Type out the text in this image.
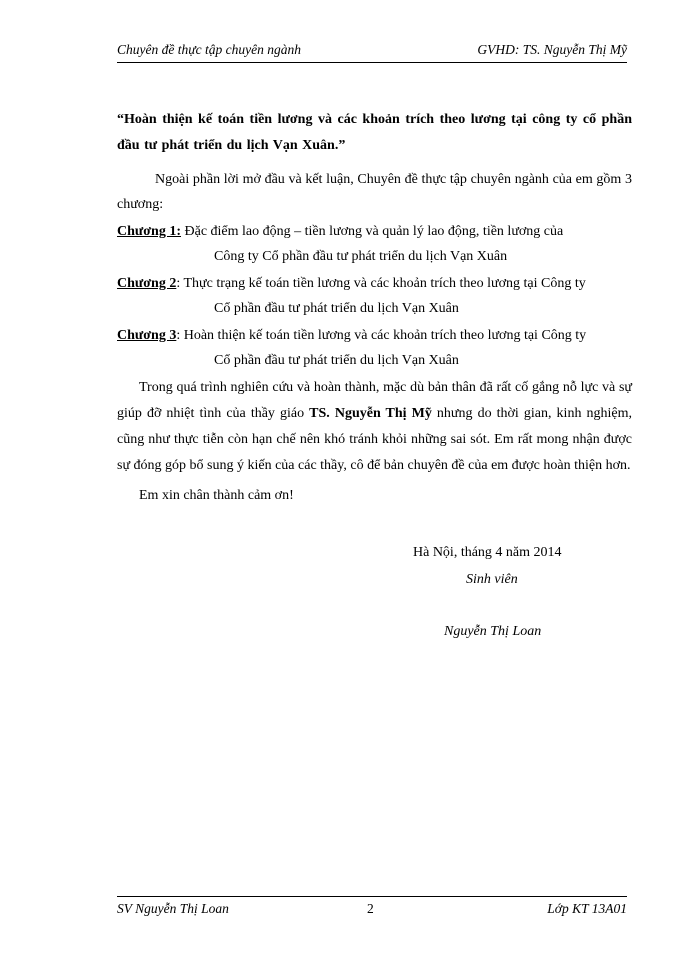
Chuyên đề thực tập chuyên ngành	GVHD: TS. Nguyễn Thị Mỹ

“Hoàn thiện kế toán tiền lương và các khoản trích theo lương tại công ty cổ phần đầu tư phát triển du lịch Vạn Xuân.”

Ngoài phần lời mở đầu và kết luận, Chuyên đề thực tập chuyên ngành của em gồm 3 chương:

Chương 1: Đặc điểm lao động – tiền lương và quản lý lao động, tiền lương của
Công ty Cổ phần đầu tư phát triển du lịch Vạn Xuân
Chương 2: Thực trạng kế toán tiền lương và các khoản trích theo lương tại Công ty
Cổ phần đầu tư phát triển du lịch Vạn Xuân
Chương 3: Hoàn thiện kế toán tiền lương và các khoản trích theo lương tại Công ty
Cổ phần đầu tư phát triển du lịch Vạn Xuân

Trong quá trình nghiên cứu và hoàn thành, mặc dù bản thân đã rất cố gắng nỗ lực và sự giúp đỡ nhiệt tình của thầy giáo TS. Nguyễn Thị Mỹ nhưng do thời gian, kinh nghiệm, cũng như thực tiễn còn hạn chế nên khó tránh khỏi những sai sót. Em rất mong nhận được sự đóng góp bổ sung ý kiến của các thầy, cô để bản chuyên đề của em được hoàn thiện hơn.

Em xin chân thành cảm ơn!

Hà Nội, tháng 4 năm 2014
Sinh viên
Nguyễn Thị Loan
SV Nguyễn Thị Loan	2	Lớp KT 13A01
